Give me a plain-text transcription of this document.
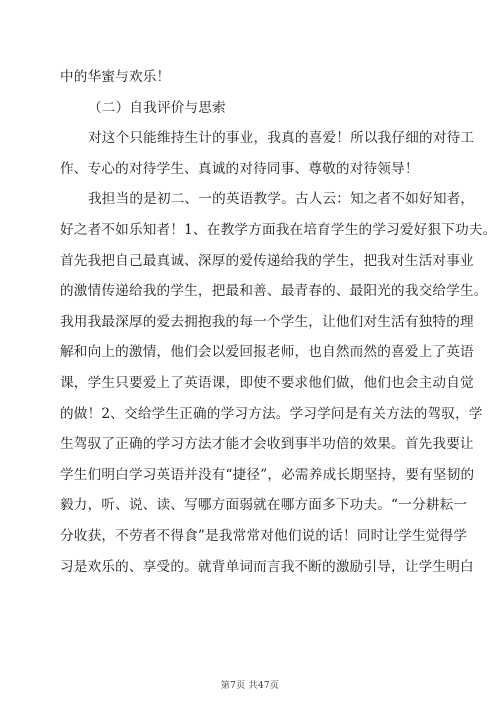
中的华蜜与欢乐！
（二）自我评价与思索
对这个只能维持生计的事业，我真的喜爱！所以我仔细的对待工
作、专心的对待学生、真诚的对待同事、尊敬的对待领导！
我担当的是初二、一的英语教学。古人云：知之者不如好知者，
好之者不如乐知者！1、在教学方面我在培育学生的学习爱好狠下功夫。
首先我把自己最真诚、深厚的爱传递给我的学生，把我对生活对事业
的激情传递给我的学生，把最和善、最青春的、最阳光的我交给学生。
我用我最深厚的爱去拥抱我的每一个学生，让他们对生活有独特的理
解和向上的激情，他们会以爱回报老师，也自然而然的喜爱上了英语
课，学生只要爱上了英语课，即使不要求他们做，他们也会主动自觉
的做！2、交给学生正确的学习方法。学习学问是有关方法的驾驭，学
生驾驭了正确的学习方法才能才会收到事半功倍的效果。首先我要让
学生们明白学习英语并没有“捷径”，必需养成长期坚持，要有坚韧的
毅力，听、说、读、写哪方面弱就在哪方面多下功夫。“一分耕耘一
分收获，不劳者不得食”是我常常对他们说的话！同时让学生觉得学
习是欢乐的、享受的。就背单词而言我不断的激励引导，让学生明白
第7页 共47页
